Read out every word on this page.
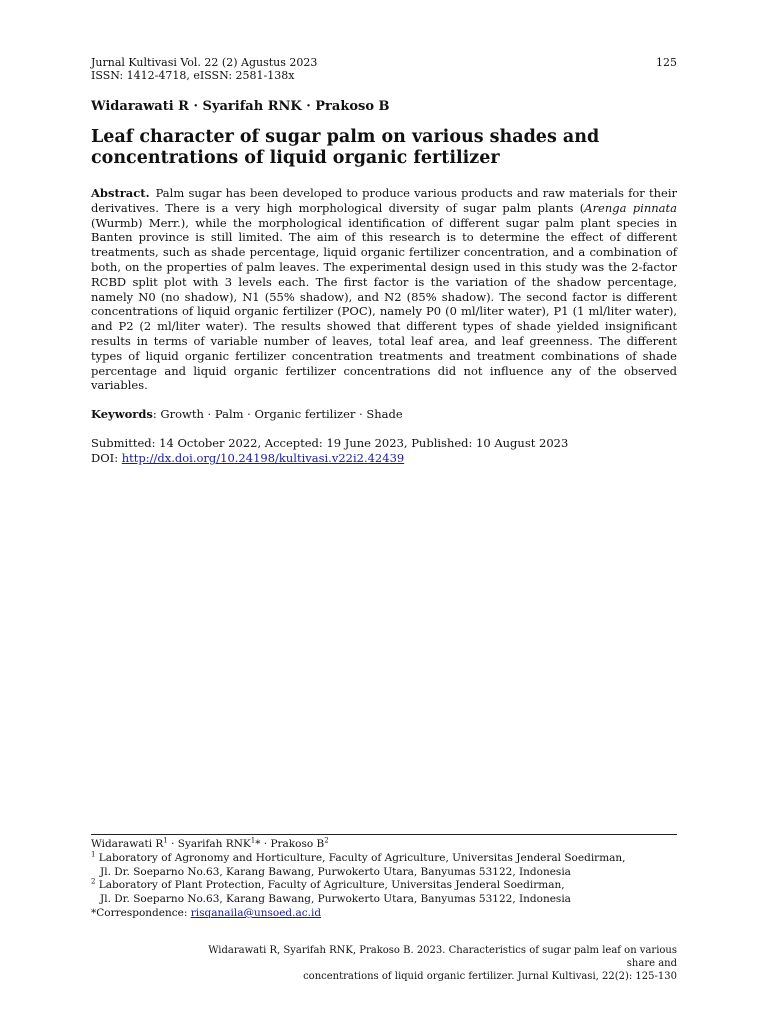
Jurnal Kultivasi Vol. 22 (2) Agustus 2023	125
ISSN: 1412-4718, eISSN: 2581-138x
Widarawati R · Syarifah RNK · Prakoso B
Leaf character of sugar palm on various shades and concentrations of liquid organic fertilizer
Abstract. Palm sugar has been developed to produce various products and raw materials for their derivatives. There is a very high morphological diversity of sugar palm plants (Arenga pinnata (Wurmb) Merr.), while the morphological identification of different sugar palm plant species in Banten province is still limited. The aim of this research is to determine the effect of different treatments, such as shade percentage, liquid organic fertilizer concentration, and a combination of both, on the properties of palm leaves. The experimental design used in this study was the 2-factor RCBD split plot with 3 levels each. The first factor is the variation of the shadow percentage, namely N0 (no shadow), N1 (55% shadow), and N2 (85% shadow). The second factor is different concentrations of liquid organic fertilizer (POC), namely P0 (0 ml/liter water), P1 (1 ml/liter water), and P2 (2 ml/liter water). The results showed that different types of shade yielded insignificant results in terms of variable number of leaves, total leaf area, and leaf greenness. The different types of liquid organic fertilizer concentration treatments and treatment combinations of shade percentage and liquid organic fertilizer concentrations did not influence any of the observed variables.
Keywords: Growth · Palm · Organic fertilizer · Shade
Submitted: 14 October 2022, Accepted: 19 June 2023, Published: 10 August 2023
DOI: http://dx.doi.org/10.24198/kultivasi.v22i2.42439
Widarawati $R^1$ · Syarifah $RNK^1*$ · Prakoso $B^2$
$^1$ Laboratory of Agronomy and Horticulture, Faculty of Agriculture, Universitas Jenderal Soedirman,
Jl. Dr. Soeparno No.63, Karang Bawang, Purwokerto Utara, Banyumas 53122, Indonesia
$^2$ Laboratory of Plant Protection, Faculty of Agriculture, Universitas Jenderal Soedirman,
Jl. Dr. Soeparno No.63, Karang Bawang, Purwokerto Utara, Banyumas 53122, Indonesia
*Correspondence: risqanaila@unsoed.ac.id
Widarawati R, Syarifah RNK, Prakoso B. 2023. Characteristics of sugar palm leaf on various share and
concentrations of liquid organic fertilizer. Jurnal Kultivasi, 22(2): 125-130
